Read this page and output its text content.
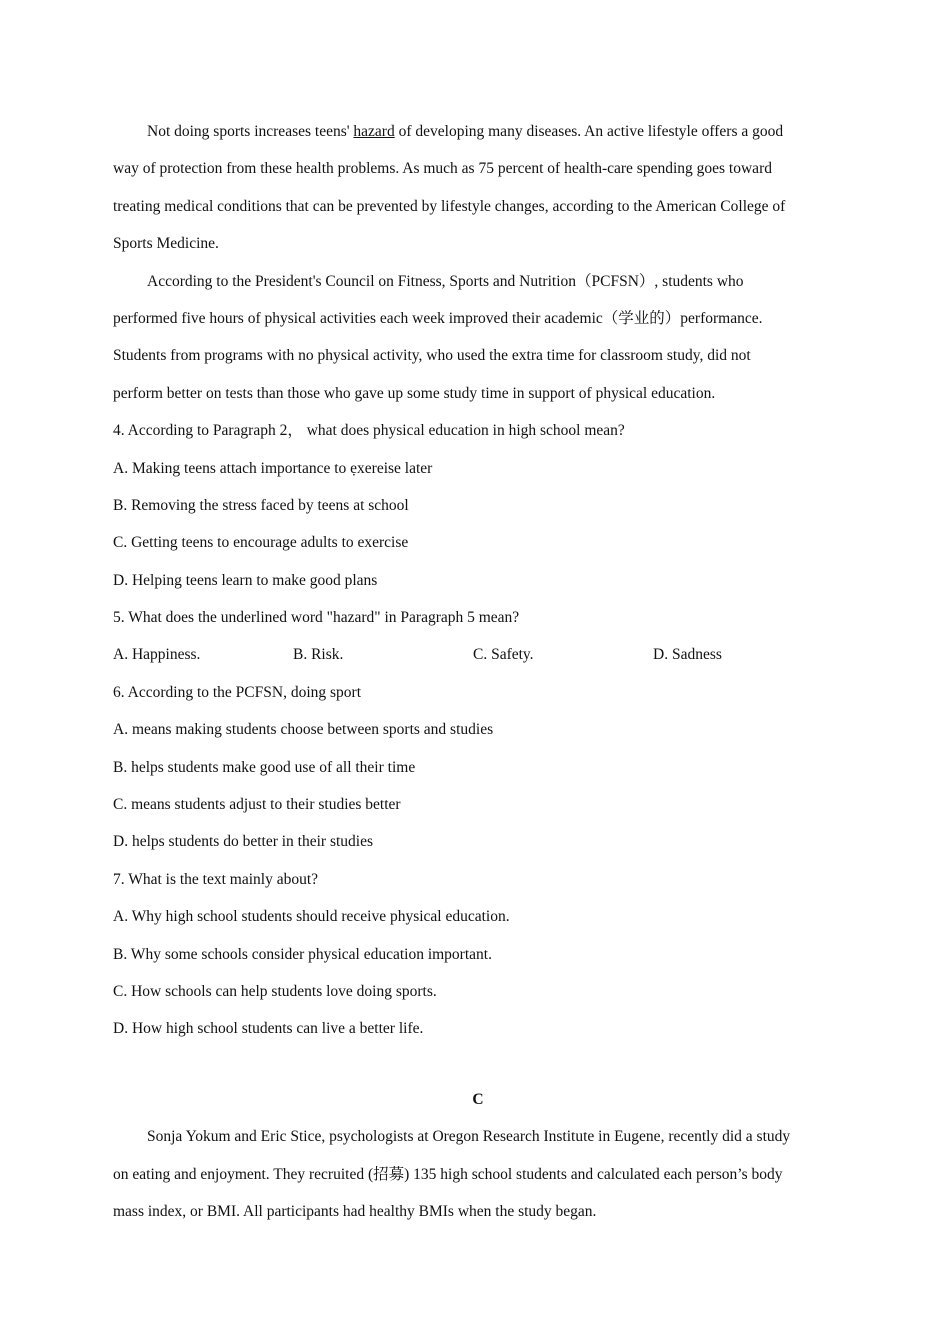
Not doing sports increases teens' hazard of developing many diseases. An active lifestyle offers a good
way of protection from these health problems. As much as 75 percent of health-care spending goes toward
treating medical conditions that can be prevented by lifestyle changes, according to the American College of
Sports Medicine.
According to the President's Council on Fitness, Sports and Nutrition（PCFSN）, students who
performed five hours of physical activities each week improved their academic（学业的）performance.
Students from programs with no physical activity, who used the extra time for classroom study, did not
perform better on tests than those who gave up some study time in support of physical education.
4. According to Paragraph 2， what does physical education in high school mean?
A. Making teens attach importance to ẹxereise later
B. Removing the stress faced by teens at school
C. Getting teens to encourage adults to exercise
D. Helping teens learn to make good plans
5. What does the underlined word "hazard" in Paragraph 5 mean?
A. Happiness.	B. Risk.	C. Safety.	D. Sadness
6. According to the PCFSN, doing sport
A. means making students choose between sports and studies
B. helps students make good use of all their time
C. means students adjust to their studies better
D. helps students do better in their studies
7. What is the text mainly about?
A. Why high school students should receive physical education.
B. Why some schools consider physical education important.
C. How schools can help students love doing sports.
D. How high school students can live a better life.
C
Sonja Yokum and Eric Stice, psychologists at Oregon Research Institute in Eugene, recently did a study
on eating and enjoyment. They recruited (招募) 135 high school students and calculated each person’s body
mass index, or BMI. All participants had healthy BMIs when the study began.
